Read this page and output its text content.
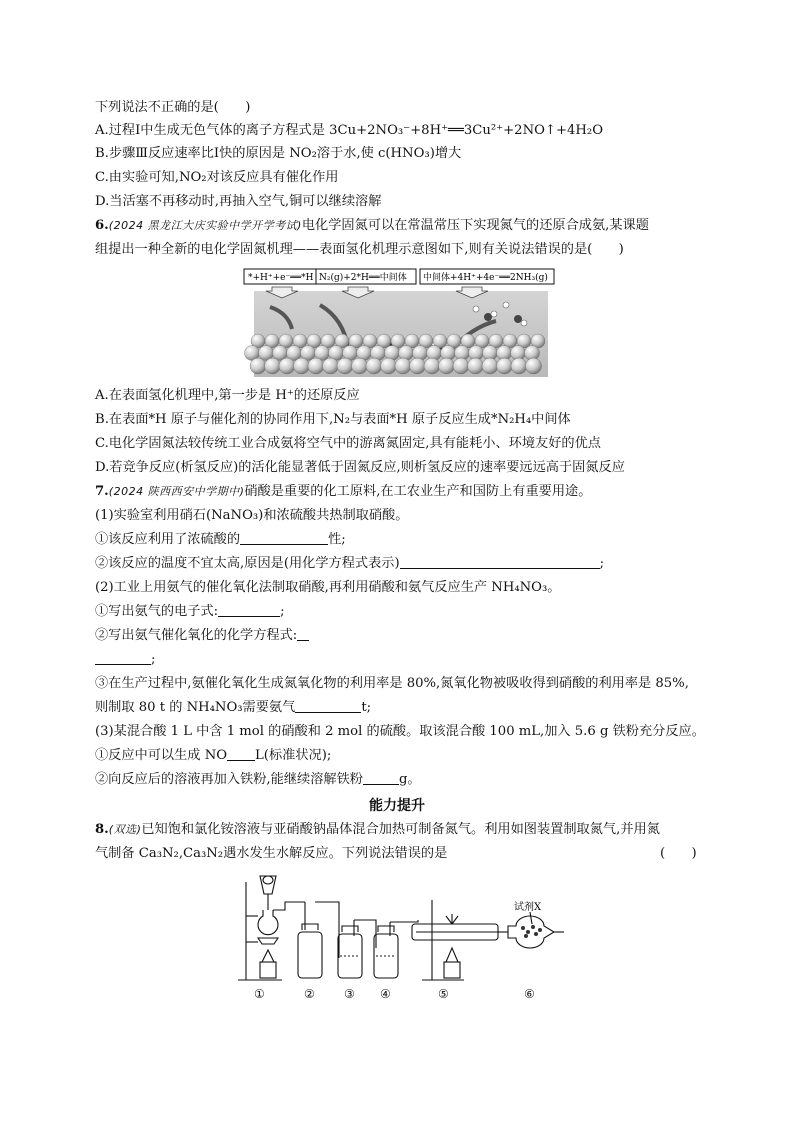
下列说法不正确的是(　　)
A.过程Ⅰ中生成无色气体的离子方程式是 3Cu+2NO₃⁻+8H⁺══3Cu²⁺+2NO↑+4H₂O
B.步骤Ⅲ反应速率比Ⅰ快的原因是 NO₂溶于水,使 c(HNO₃)增大
C.由实验可知,NO₂对该反应具有催化作用
D.当活塞不再移动时,再抽入空气,铜可以继续溶解
6.(2024 黑龙江大庆实验中学开学考试)电化学固氮可以在常温常压下实现氮气的还原合成氨,某课题
组提出一种全新的电化学固氮机理——表面氢化机理示意图如下,则有关说法错误的是(　　)
*+H⁺+e⁻══*H N₂(g)+2*H══中间体 中间体+4H⁺+4e⁻══2NH₃(g)
A.在表面氢化机理中,第一步是 H⁺的还原反应
B.在表面*H 原子与催化剂的协同作用下,N₂与表面*H 原子反应生成*N₂H₄中间体
C.电化学固氮法较传统工业合成氨将空气中的游离氮固定,具有能耗小、环境友好的优点
D.若竞争反应(析氢反应)的活化能显著低于固氮反应,则析氢反应的速率要远远高于固氮反应
7.(2024 陕西西安中学期中)硝酸是重要的化工原料,在工农业生产和国防上有重要用途。
(1)实验室利用硝石(NaNO₃)和浓硫酸共热制取硝酸。
①该反应利用了浓硫酸的	性;
②该反应的温度不宜太高,原因是(用化学方程式表示)	;
(2)工业上用氨气的催化氧化法制取硝酸,再利用硝酸和氨气反应生产 NH₄NO₃。
①写出氨气的电子式:	;
②写出氨气催化氧化的化学方程式:
;
③在生产过程中,氨催化氧化生成氮氧化物的利用率是 80%,氮氧化物被吸收得到硝酸的利用率是 85%,
则制取 80 t 的 NH₄NO₃需要氨气	t;
(3)某混合酸 1 L 中含 1 mol 的硝酸和 2 mol 的硫酸。取该混合酸 100 mL,加入 5.6 g 铁粉充分反应。
①反应中可以生成 NO L(标准状况);
②向反应后的溶液再加入铁粉,能继续溶解铁粉	g。
能力提升
8.(双选)已知饱和氯化铵溶液与亚硝酸钠晶体混合加热可制备氮气。利用如图装置制取氮气,并用氮
气制备 Ca₃N₂,Ca₃N₂遇水发生水解反应。下列说法错误的是	(　　)
试剂X
①	② ③ ④	⑤	⑥
